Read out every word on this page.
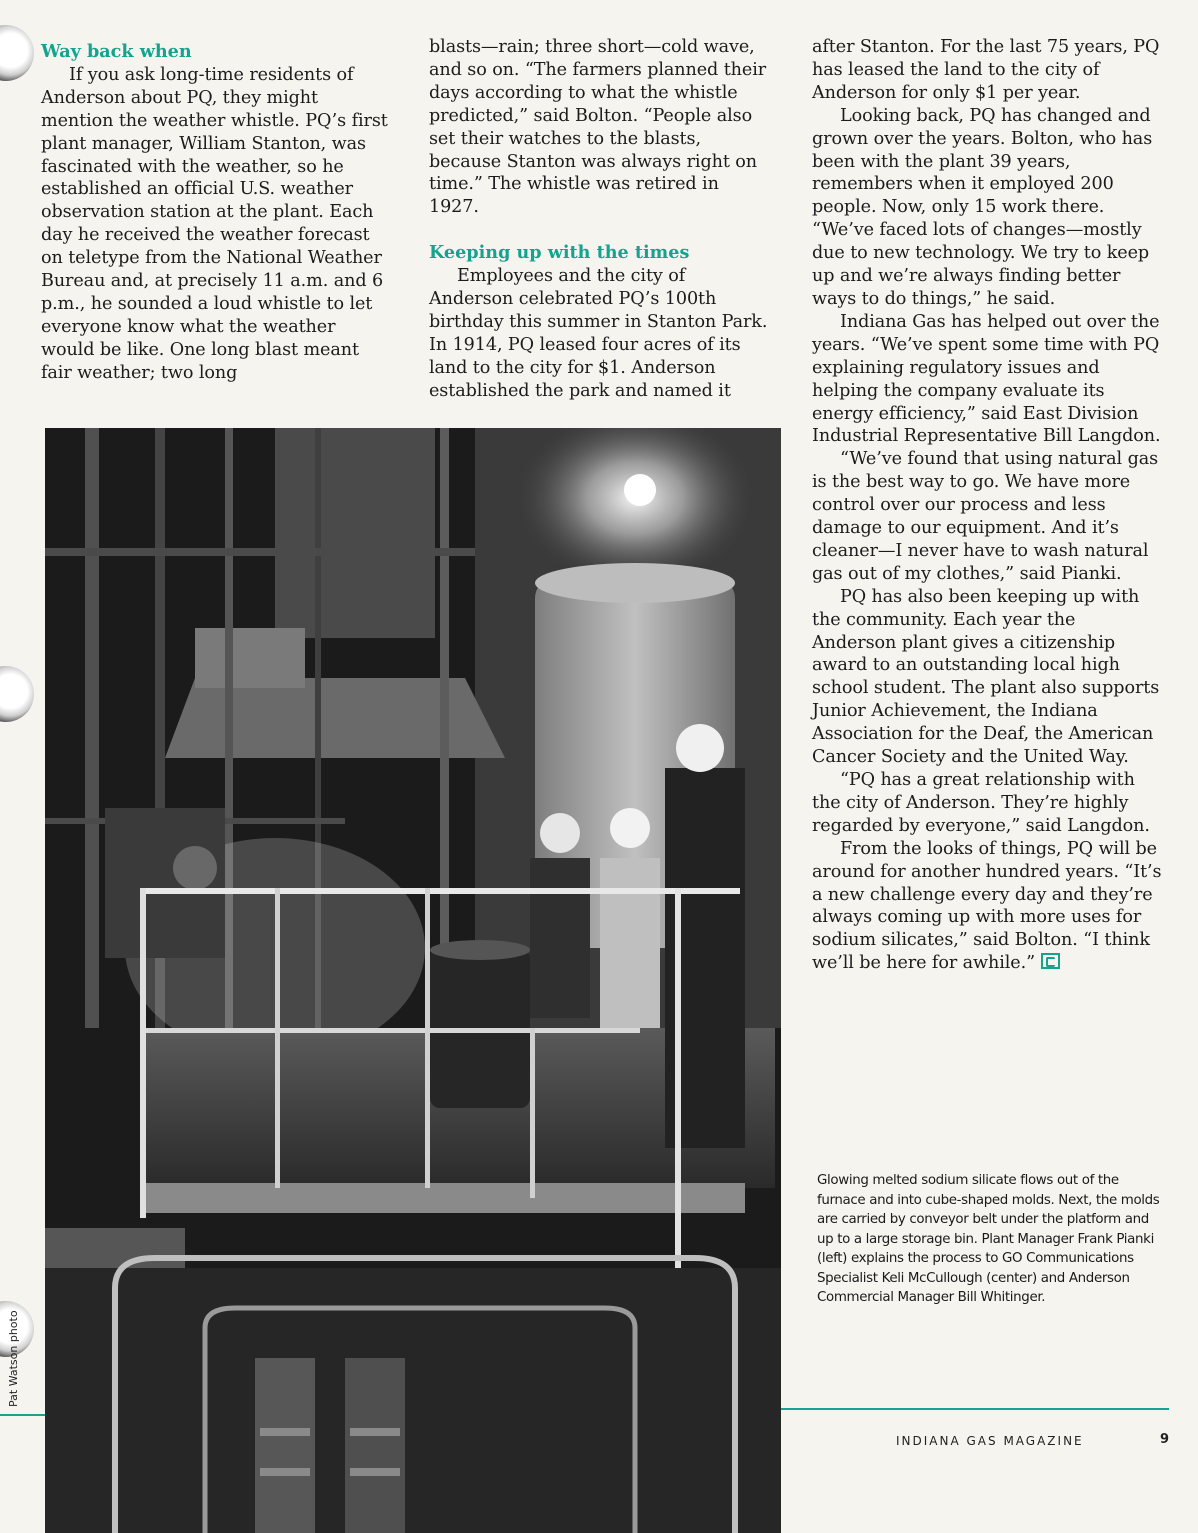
Way back when

If you ask long-time residents of Anderson about PQ, they might mention the weather whistle. PQ’s first plant manager, William Stanton, was fascinated with the weather, so he established an official U.S. weather observation station at the plant. Each day he received the weather forecast on teletype from the National Weather Bureau and, at precisely 11 a.m. and 6 p.m., he sounded a loud whistle to let everyone know what the weather would be like. One long blast meant fair weather; two long

blasts—rain; three short—cold wave, and so on. “The farmers planned their days according to what the whistle predicted,” said Bolton. “People also set their watches to the blasts, because Stanton was always right on time.” The whistle was retired in 1927.

Keeping up with the times

Employees and the city of Anderson celebrated PQ’s 100th birthday this summer in Stanton Park. In 1914, PQ leased four acres of its land to the city for $1. Anderson established the park and named it

after Stanton. For the last 75 years, PQ has leased the land to the city of Anderson for only $1 per year.

Looking back, PQ has changed and grown over the years. Bolton, who has been with the plant 39 years, remembers when it employed 200 people. Now, only 15 work there. “We’ve faced lots of changes—mostly due to new technology. We try to keep up and we’re always finding better ways to do things,” he said.

Indiana Gas has helped out over the years. “We’ve spent some time with PQ explaining regulatory issues and helping the company evaluate its energy efficiency,” said East Division Industrial Representative Bill Langdon.

“We’ve found that using natural gas is the best way to go. We have more control over our process and less damage to our equipment. And it’s cleaner—I never have to wash natural gas out of my clothes,” said Pianki.

PQ has also been keeping up with the community. Each year the Anderson plant gives a citizenship award to an outstanding local high school student. The plant also supports Junior Achievement, the Indiana Association for the Deaf, the American Cancer Society and the United Way.

“PQ has a great relationship with the city of Anderson. They’re highly regarded by everyone,” said Langdon.

From the looks of things, PQ will be around for another hundred years. “It’s a new challenge every day and they’re always coming up with more uses for sodium silicates,” said Bolton. “I think we’ll be here for awhile.”

Pat Watson photo
Glowing melted sodium silicate flows out of the furnace and into cube-shaped molds. Next, the molds are carried by conveyor belt under the platform and up to a large storage bin. Plant Manager Frank Pianki (left) explains the process to GO Communications Specialist Keli McCullough (center) and Anderson Commercial Manager Bill Whitinger.
INDIANA GAS MAGAZINE	9
